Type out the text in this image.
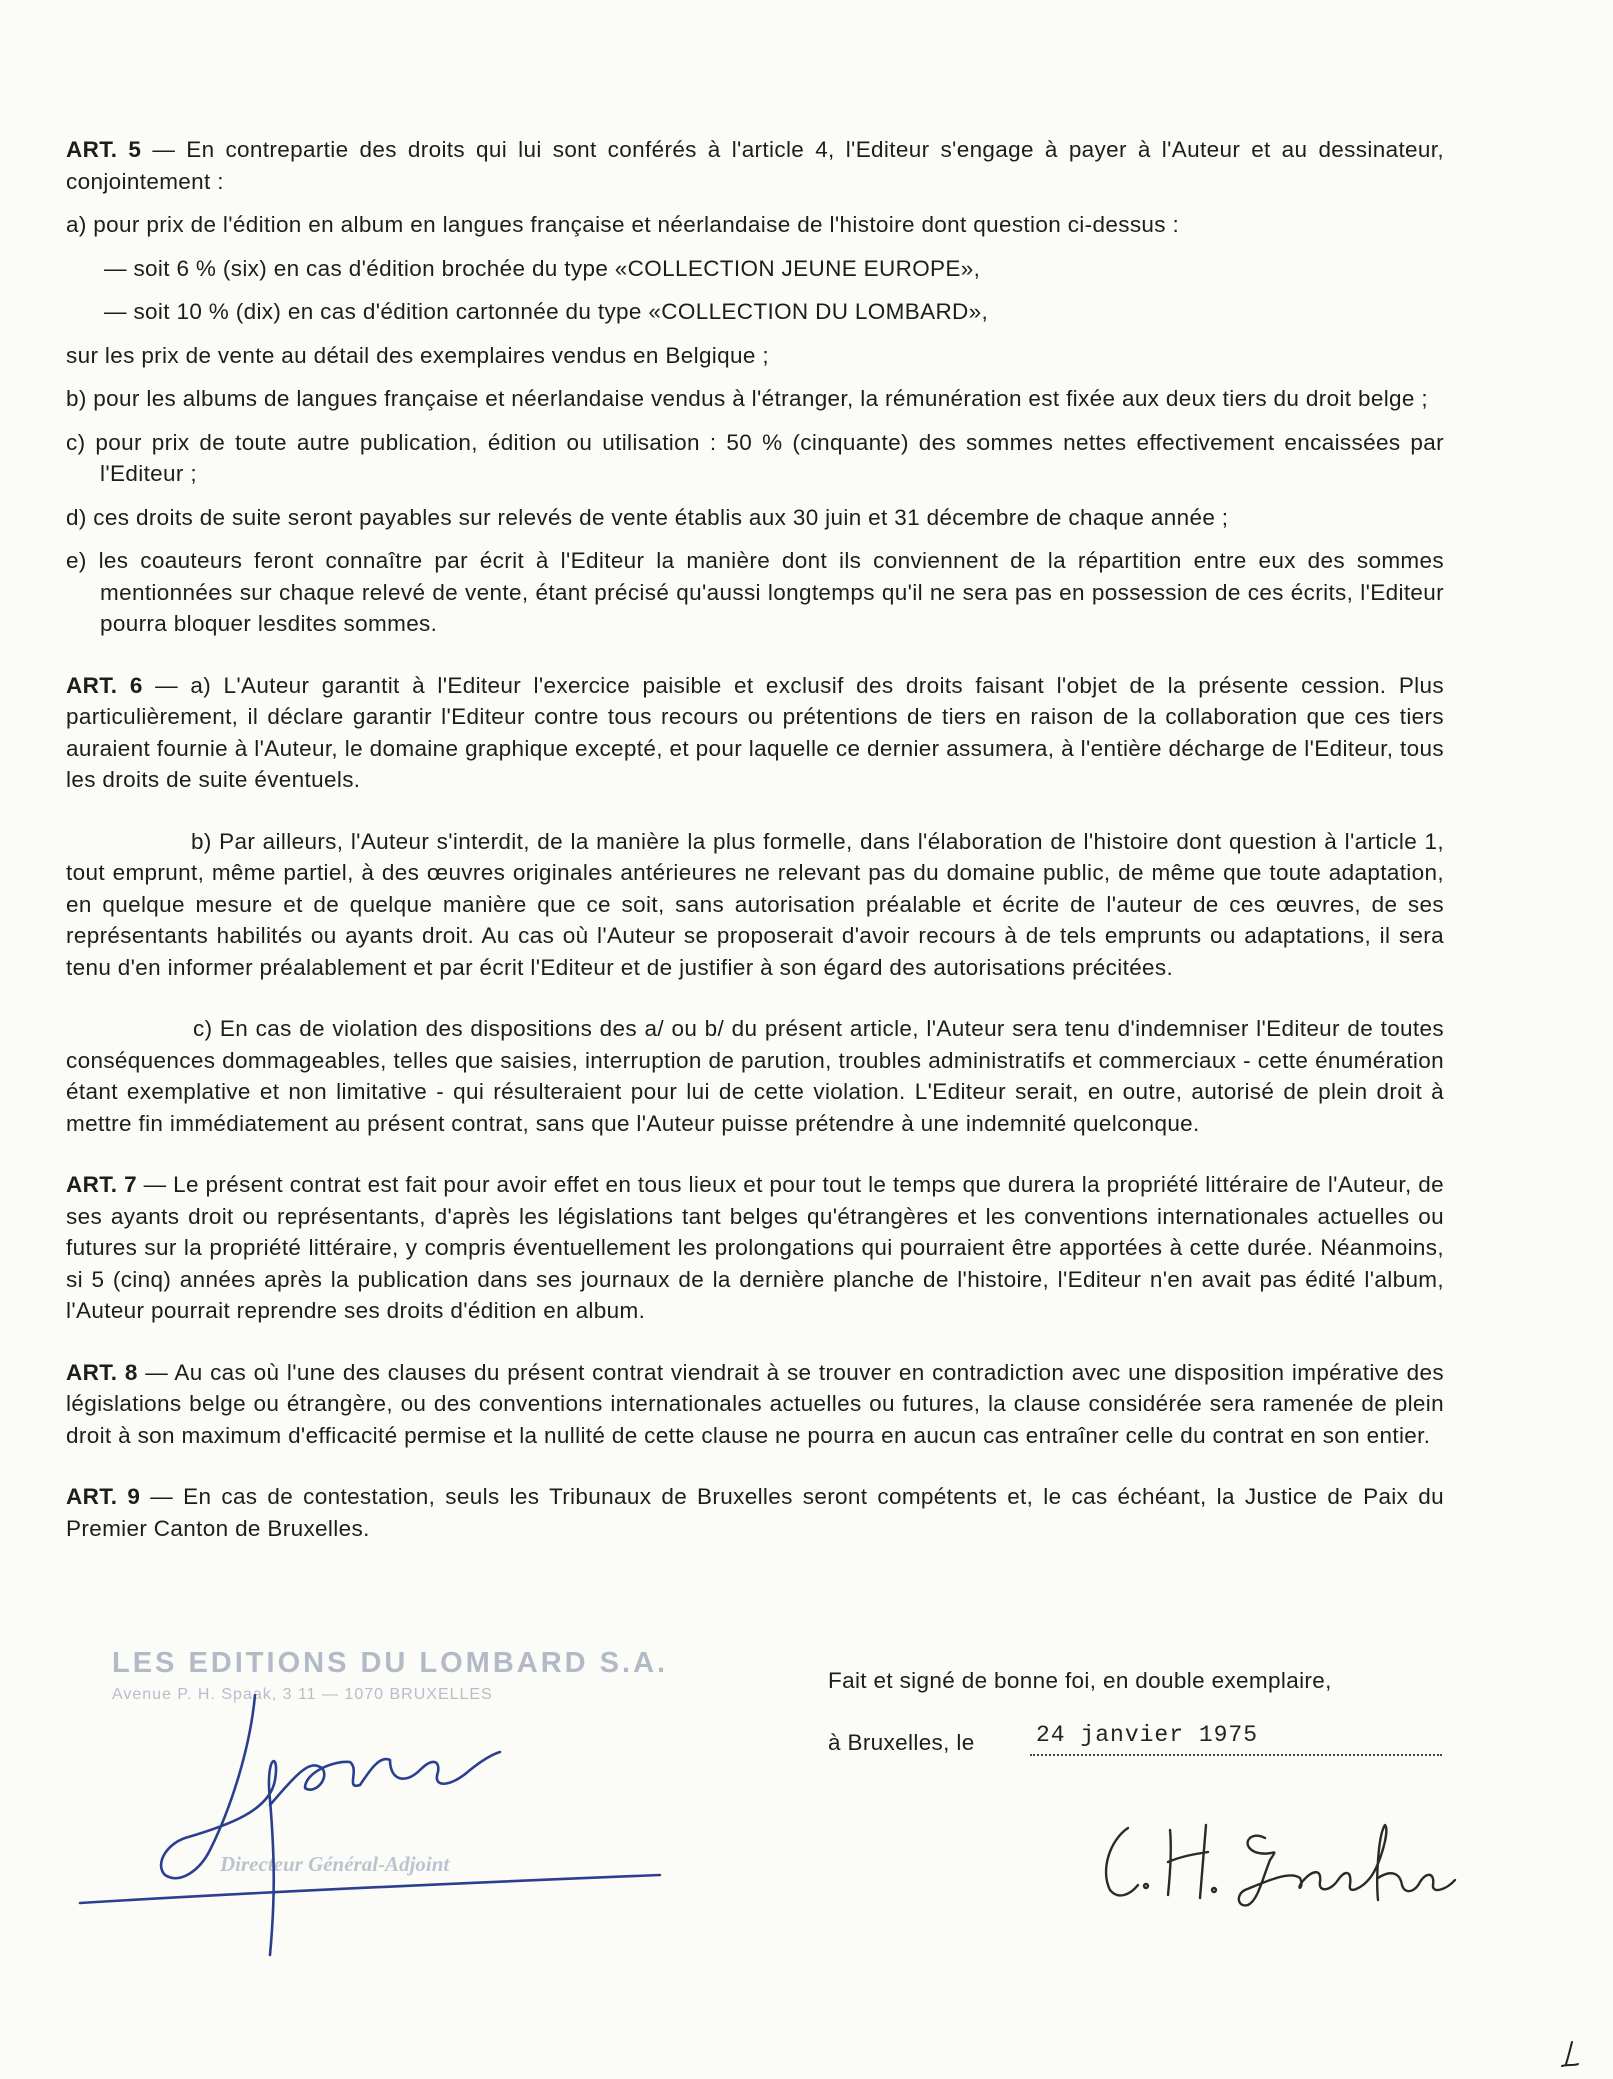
ART. 5 — En contrepartie des droits qui lui sont conférés à l'article 4, l'Editeur s'engage à payer à l'Auteur et au dessinateur, conjointement :

a) pour prix de l'édition en album en langues française et néerlandaise de l'histoire dont question ci-dessus :

— soit 6 % (six) en cas d'édition brochée du type «COLLECTION JEUNE EUROPE»,

— soit 10 % (dix) en cas d'édition cartonnée du type «COLLECTION DU LOMBARD»,

sur les prix de vente au détail des exemplaires vendus en Belgique ;

b) pour les albums de langues française et néerlandaise vendus à l'étranger, la rémunération est fixée aux deux tiers du droit belge ;

c) pour prix de toute autre publication, édition ou utilisation : 50 % (cinquante) des sommes nettes effectivement encaissées par l'Editeur ;

d) ces droits de suite seront payables sur relevés de vente établis aux 30 juin et 31 décembre de chaque année ;

e) les coauteurs feront connaître par écrit à l'Editeur la manière dont ils conviennent de la répartition entre eux des sommes mentionnées sur chaque relevé de vente, étant précisé qu'aussi longtemps qu'il ne sera pas en possession de ces écrits, l'Editeur pourra bloquer lesdites sommes.

ART. 6 — a) L'Auteur garantit à l'Editeur l'exercice paisible et exclusif des droits faisant l'objet de la présente cession. Plus particulièrement, il déclare garantir l'Editeur contre tous recours ou prétentions de tiers en raison de la collaboration que ces tiers auraient fournie à l'Auteur, le domaine graphique excepté, et pour laquelle ce dernier assumera, à l'entière décharge de l'Editeur, tous les droits de suite éventuels.

b) Par ailleurs, l'Auteur s'interdit, de la manière la plus formelle, dans l'élaboration de l'histoire dont question à l'article 1, tout emprunt, même partiel, à des œuvres originales antérieures ne relevant pas du domaine public, de même que toute adaptation, en quelque mesure et de quelque manière que ce soit, sans autorisation préalable et écrite de l'auteur de ces œuvres, de ses représentants habilités ou ayants droit. Au cas où l'Auteur se proposerait d'avoir recours à de tels emprunts ou adaptations, il sera tenu d'en informer préalablement et par écrit l'Editeur et de justifier à son égard des autorisations précitées.

c) En cas de violation des dispositions des a/ ou b/ du présent article, l'Auteur sera tenu d'indemniser l'Editeur de toutes conséquences dommageables, telles que saisies, interruption de parution, troubles administratifs et commerciaux - cette énumération étant exemplative et non limitative - qui résulteraient pour lui de cette violation. L'Editeur serait, en outre, autorisé de plein droit à mettre fin immédiatement au présent contrat, sans que l'Auteur puisse prétendre à une indemnité quelconque.

ART. 7 — Le présent contrat est fait pour avoir effet en tous lieux et pour tout le temps que durera la propriété littéraire de l'Auteur, de ses ayants droit ou représentants, d'après les législations tant belges qu'étrangères et les conventions internationales actuelles ou futures sur la propriété littéraire, y compris éventuellement les prolongations qui pourraient être apportées à cette durée. Néanmoins, si 5 (cinq) années après la publication dans ses journaux de la dernière planche de l'histoire, l'Editeur n'en avait pas édité l'album, l'Auteur pourrait reprendre ses droits d'édition en album.

ART. 8 — Au cas où l'une des clauses du présent contrat viendrait à se trouver en contradiction avec une disposition impérative des législations belge ou étrangère, ou des conventions internationales actuelles ou futures, la clause considérée sera ramenée de plein droit à son maximum d'efficacité permise et la nullité de cette clause ne pourra en aucun cas entraîner celle du contrat en son entier.

ART. 9 — En cas de contestation, seuls les Tribunaux de Bruxelles seront compétents et, le cas échéant, la Justice de Paix du Premier Canton de Bruxelles.

LES EDITIONS DU LOMBARD S.A.
Avenue P. H. Spaak, 3 11 — 1070 BRUXELLES
Directeur Général-Adjoint
Fait et signé de bonne foi, en double exemplaire,
à Bruxelles, le	24 janvier 1975
